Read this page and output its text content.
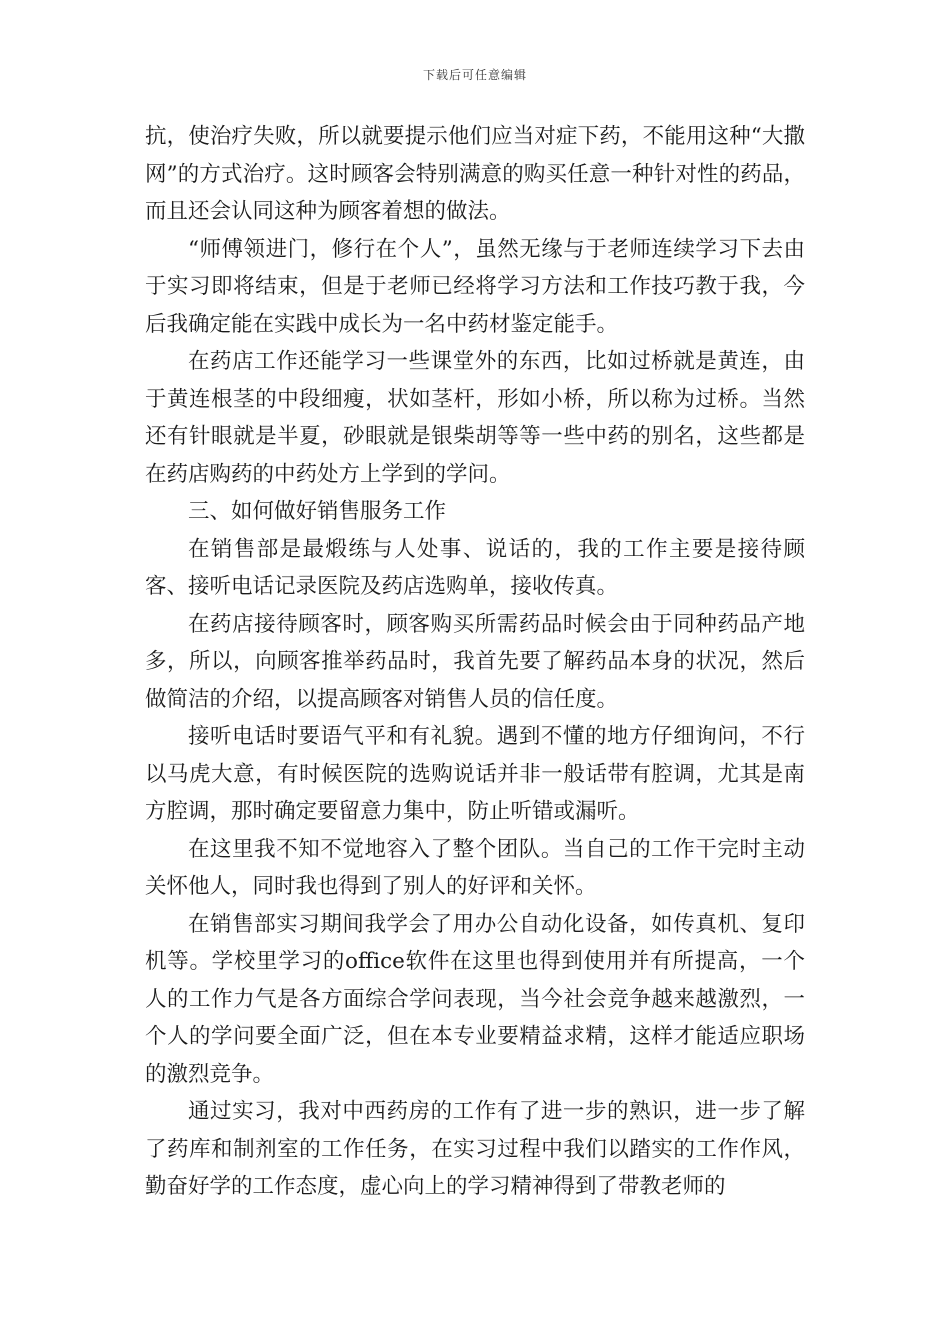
下载后可任意编辑

抗，使治疗失败，所以就要提示他们应当对症下药，不能用这种“大撒网”的方式治疗。这时顾客会特别满意的购买任意一种针对性的药品，而且还会认同这种为顾客着想的做法。

“师傅领进门，修行在个人”，虽然无缘与于老师连续学习下去由于实习即将结束，但是于老师已经将学习方法和工作技巧教于我，今后我确定能在实践中成长为一名中药材鉴定能手。

在药店工作还能学习一些课堂外的东西，比如过桥就是黄连，由于黄连根茎的中段细瘦，状如茎杆，形如小桥，所以称为过桥。当然还有针眼就是半夏，砂眼就是银柴胡等等一些中药的别名，这些都是在药店购药的中药处方上学到的学问。

三、如何做好销售服务工作

在销售部是最煅练与人处事、说话的，我的工作主要是接待顾客、接听电话记录医院及药店选购单，接收传真。

在药店接待顾客时，顾客购买所需药品时候会由于同种药品产地多，所以，向顾客推举药品时，我首先要了解药品本身的状况，然后做简洁的介绍，以提高顾客对销售人员的信任度。

接听电话时要语气平和有礼貌。遇到不懂的地方仔细询问，不行以马虎大意，有时候医院的选购说话并非一般话带有腔调，尤其是南方腔调，那时确定要留意力集中，防止听错或漏听。

在这里我不知不觉地容入了整个团队。当自己的工作干完时主动关怀他人，同时我也得到了别人的好评和关怀。

在销售部实习期间我学会了用办公自动化设备，如传真机、复印机等。学校里学习的office软件在这里也得到使用并有所提高，一个人的工作力气是各方面综合学问表现，当今社会竞争越来越激烈，一个人的学问要全面广泛，但在本专业要精益求精，这样才能适应职场的激烈竞争。

通过实习，我对中西药房的工作有了进一步的熟识，进一步了解了药库和制剂室的工作任务，在实习过程中我们以踏实的工作作风，勤奋好学的工作态度，虚心向上的学习精神得到了带教老师的
